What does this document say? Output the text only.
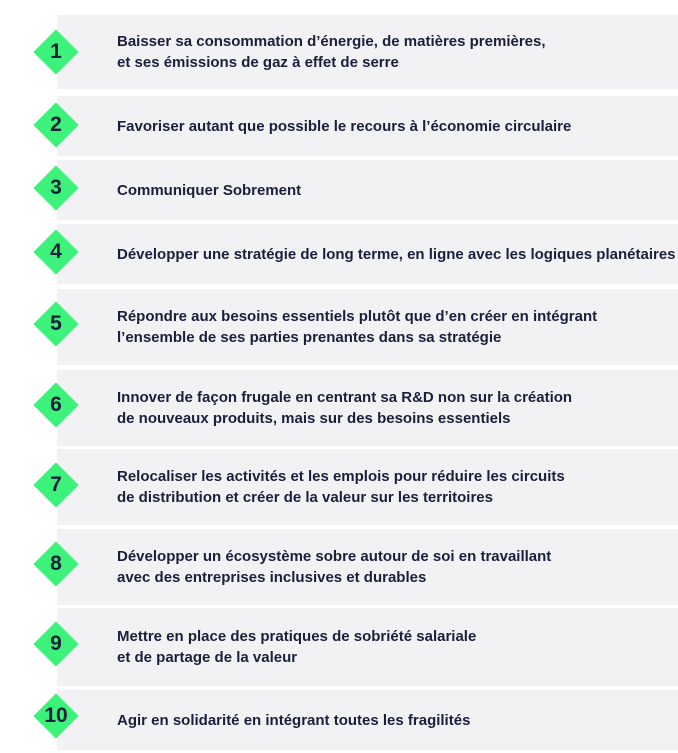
Baisser sa consommation d’énergie, de matières premières,
et ses émissions de gaz à effet de serre
1
Favoriser autant que possible le recours à l’économie circulaire
2
Communiquer Sobrement
3
Développer une stratégie de long terme, en ligne avec les logiques planétaires
4
Répondre aux besoins essentiels plutôt que d’en créer en intégrant
l’ensemble de ses parties prenantes dans sa stratégie
5
Innover de façon frugale en centrant sa R&D non sur la création
de nouveaux produits, mais sur des besoins essentiels
6
Relocaliser les activités et les emplois pour réduire les circuits
de distribution et créer de la valeur sur les territoires
7
Développer un écosystème sobre autour de soi en travaillant
avec des entreprises inclusives et durables
8
Mettre en place des pratiques de sobriété salariale
et de partage de la valeur
9
Agir en solidarité en intégrant toutes les fragilités
10
